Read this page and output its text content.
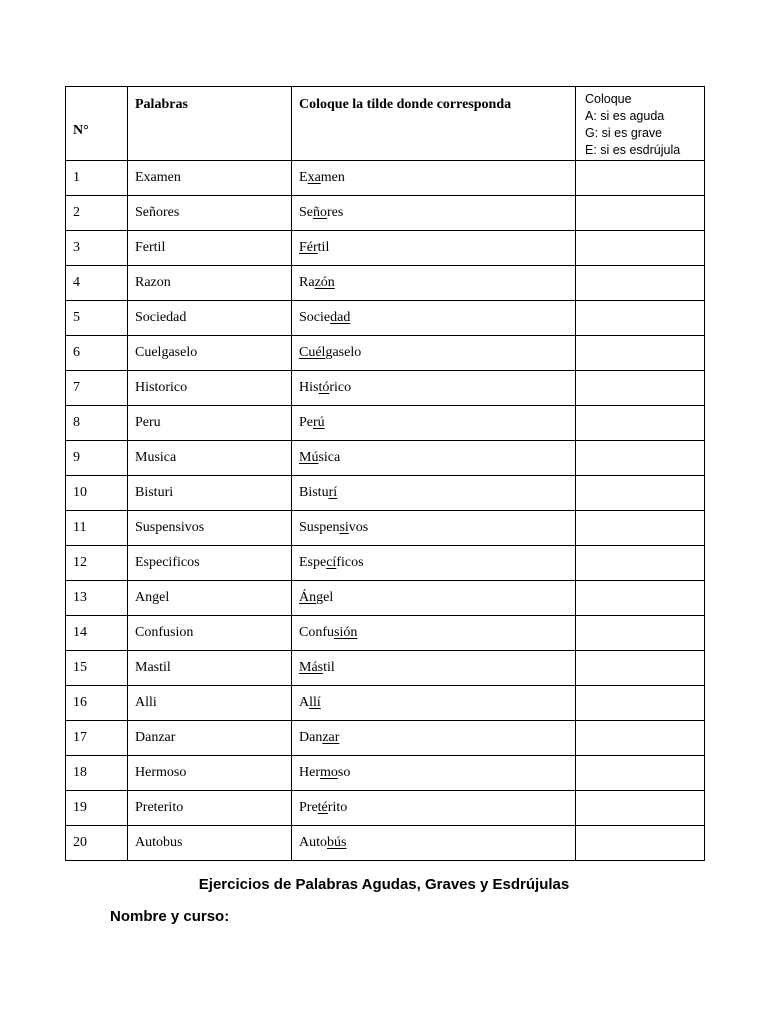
N°	Palabras	Coloque la tilde donde corresponda	Coloque
A: si es aguda
G: si es grave
E: si es esdrújula

1	Examen	Examen	
2	Señores	Señores	
3	Fertil	Fértil	
4	Razon	Razón	
5	Sociedad	Sociedad	
6	Cuelgaselo	Cuélgaselo	
7	Historico	Histórico	
8	Peru	Perú	
9	Musica	Música	
10	Bisturi	Bisturí	
11	Suspensivos	Suspensivos	
12	Especificos	Específicos	
13	Angel	Ángel	
14	Confusion	Confusión	
15	Mastil	Mástil	
16	Alli	Allí	
17	Danzar	Danzar	
18	Hermoso	Hermoso	
19	Preterito	Pretérito	
20	Autobus	Autobús	
Ejercicios de Palabras Agudas, Graves y Esdrújulas
Nombre y curso:
